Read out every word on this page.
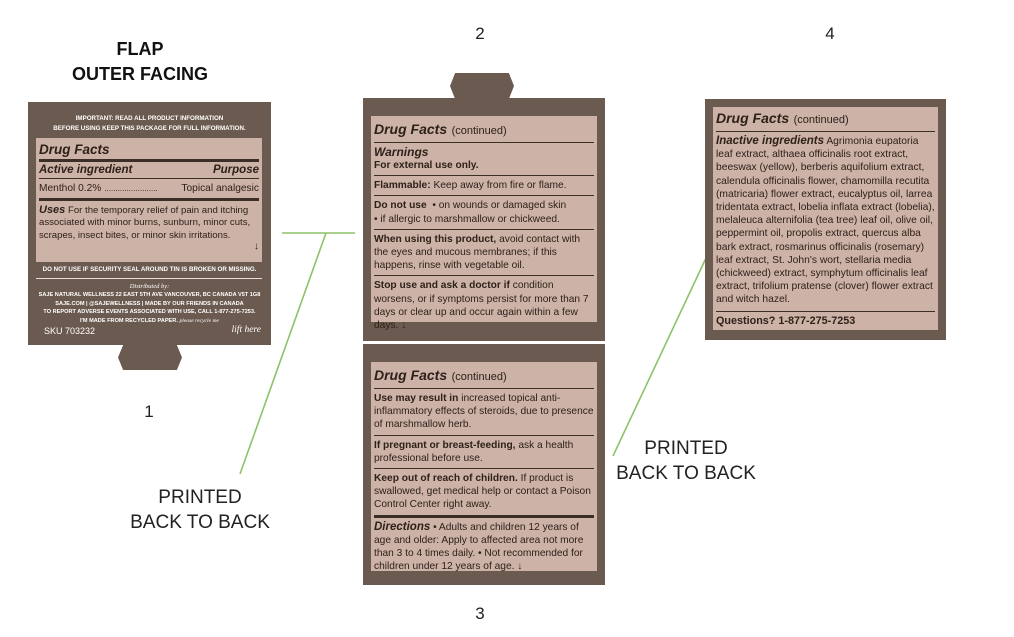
FLAP
OUTER FACING
2	4
1
3
PRINTED
BACK TO BACK
PRINTED
BACK TO BACK
IMPORTANT: READ ALL PRODUCT INFORMATION
BEFORE USING KEEP THIS PACKAGE FOR FULL INFORMATION.
Drug Facts
Active ingredient	Purpose
Menthol 0.2% ........................	Topical analgesic
Uses For the temporary relief of pain and itching associated with minor burns, sunburn, minor cuts, scrapes, insect bites, or minor skin irritations.
↓
DO NOT USE IF SECURITY SEAL AROUND TIN IS BROKEN OR MISSING.
Distributed by:
SAJE NATURAL WELLNESS 22 EAST 5TH AVE VANCOUVER, BC CANADA V5T 1G8
SAJE.COM | @SAJEWELLNESS | MADE BY OUR FRIENDS IN CANADA
TO REPORT ADVERSE EVENTS ASSOCIATED WITH USE, CALL 1-877-275-7253.
I'M MADE FROM RECYCLED PAPER. please recycle me
SKU 703232	lift here
Drug Facts (continued)
Warnings
For external use only.
Flammable: Keep away from fire or flame.
Do not use • on wounds or damaged skin
• if allergic to marshmallow or chickweed.
When using this product, avoid contact with the eyes and mucous membranes; if this happens, rinse with vegetable oil.
Stop use and ask a doctor if condition worsens, or if symptoms persist for more than 7 days or clear up and occur again within a few days. ↓
Drug Facts (continued)
Use may result in increased topical anti-inflammatory effects of steroids, due to presence of marshmallow herb.
If pregnant or breast-feeding, ask a health professional before use.
Keep out of reach of children. If product is swallowed, get medical help or contact a Poison Control Center right away.
Directions • Adults and children 12 years of age and older: Apply to affected area not more than 3 to 4 times daily. • Not recommended for children under 12 years of age. ↓
Drug Facts (continued)
Inactive ingredients Agrimonia eupatoria leaf extract, althaea officinalis root extract, beeswax (yellow), berberis aquifolium extract, calendula officinalis flower, chamomilla recutita (matricaria) flower extract, eucalyptus oil, larrea tridentata extract, lobelia inflata extract (lobelia), melaleuca alternifolia (tea tree) leaf oil, olive oil, peppermint oil, propolis extract, quercus alba bark extract, rosmarinus officinalis (rosemary) leaf extract, St. John's wort, stellaria media (chickweed) extract, symphytum officinalis leaf extract, trifolium pratense (clover) flower extract and witch hazel.
Questions? 1-877-275-7253
